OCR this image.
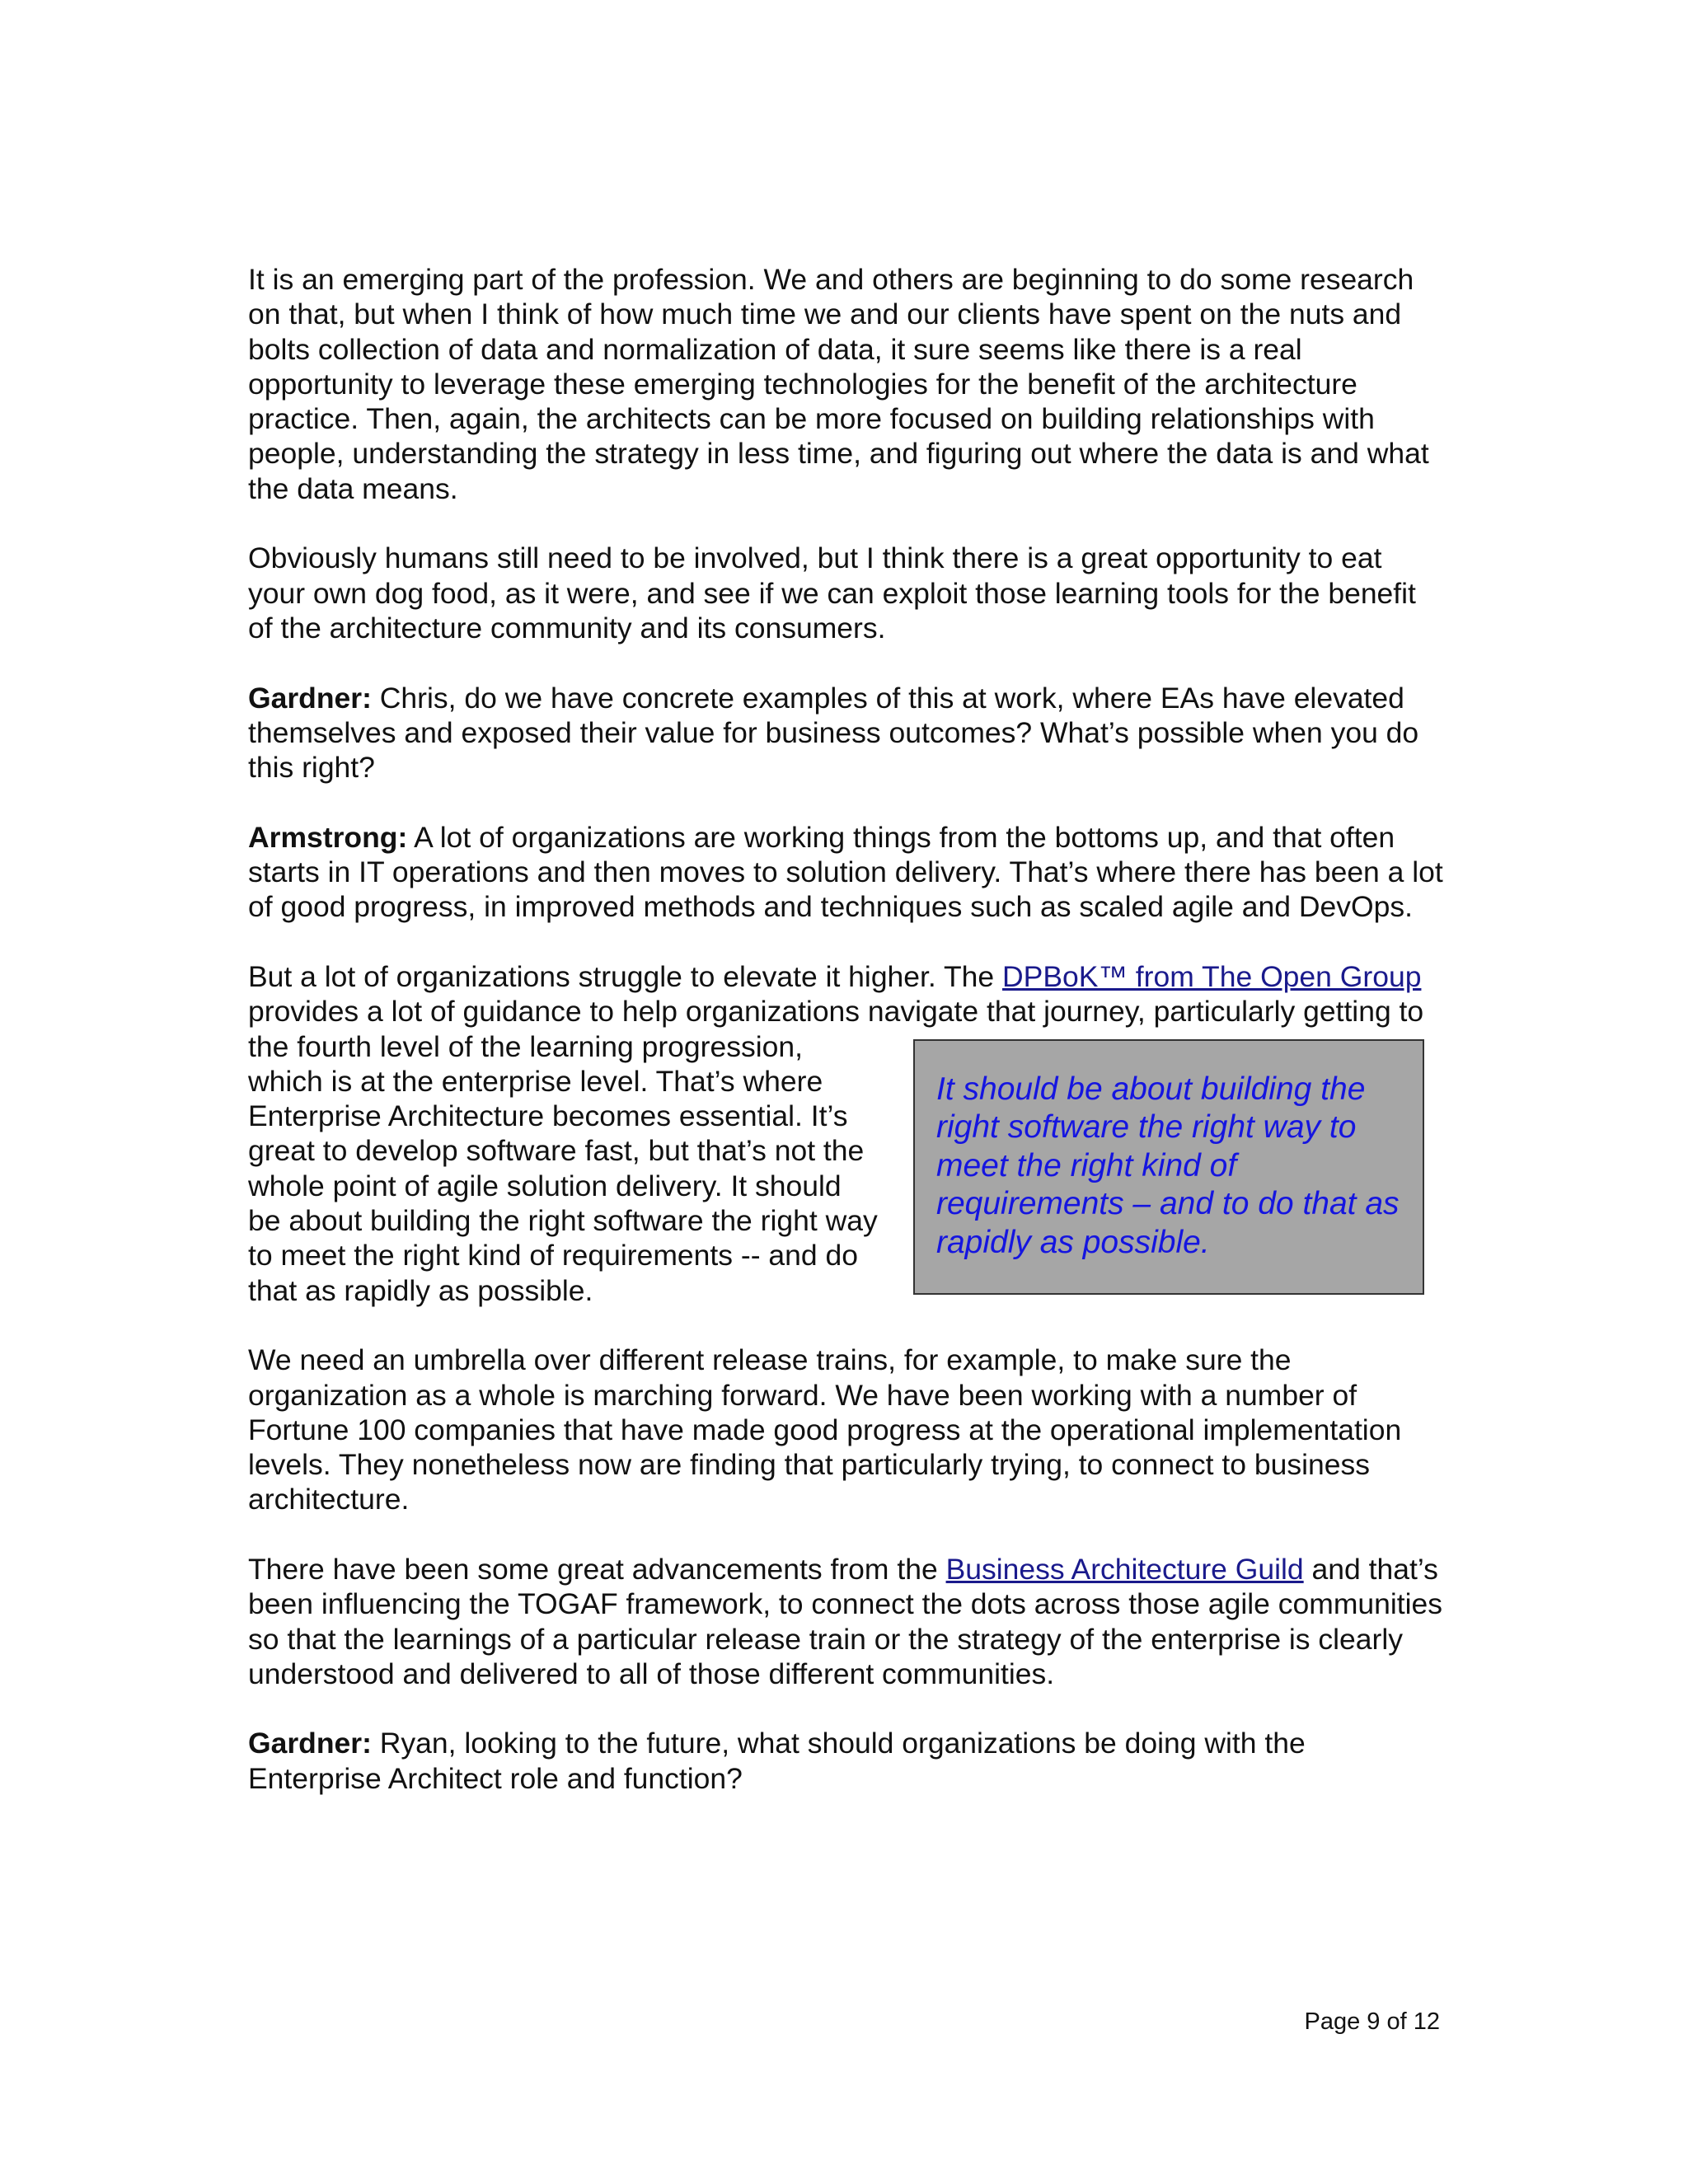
It is an emerging part of the profession. We and others are beginning to do some research on that, but when I think of how much time we and our clients have spent on the nuts and bolts collection of data and normalization of data, it sure seems like there is a real opportunity to leverage these emerging technologies for the benefit of the architecture practice. Then, again, the architects can be more focused on building relationships with people, understanding the strategy in less time, and figuring out where the data is and what the data means.

Obviously humans still need to be involved, but I think there is a great opportunity to eat your own dog food, as it were, and see if we can exploit those learning tools for the benefit of the architecture community and its consumers.

Gardner: Chris, do we have concrete examples of this at work, where EAs have elevated themselves and exposed their value for business outcomes? What’s possible when you do this right?

Armstrong: A lot of organizations are working things from the bottoms up, and that often starts in IT operations and then moves to solution delivery. That’s where there has been a lot of good progress, in improved methods and techniques such as scaled agile and DevOps.

But a lot of organizations struggle to elevate it higher. The DPBoK™ from The Open Group provides a lot of guidance to help organizations navigate that journey, particularly getting to the fourth level of the learning
It should be about building the right software the right way to meet the right kind of requirements – and to do that as rapidly as possible.
progression, which is at the enterprise level. That’s where Enterprise Architecture becomes essential. It’s great to develop software fast, but that’s not the whole point of agile solution delivery. It should be about building the right software the right way to meet the right kind of requirements -- and do that as rapidly as possible.

We need an umbrella over different release trains, for example, to make sure the organization as a whole is marching forward. We have been working with a number of Fortune 100 companies that have made good progress at the operational implementation levels. They nonetheless now are finding that particularly trying, to connect to business architecture.

There have been some great advancements from the Business Architecture Guild and that’s been influencing the TOGAF framework, to connect the dots across those agile communities so that the learnings of a particular release train or the strategy of the enterprise is clearly understood and delivered to all of those different communities.

Gardner: Ryan, looking to the future, what should organizations be doing with the Enterprise Architect role and function?

Page 9 of 12
